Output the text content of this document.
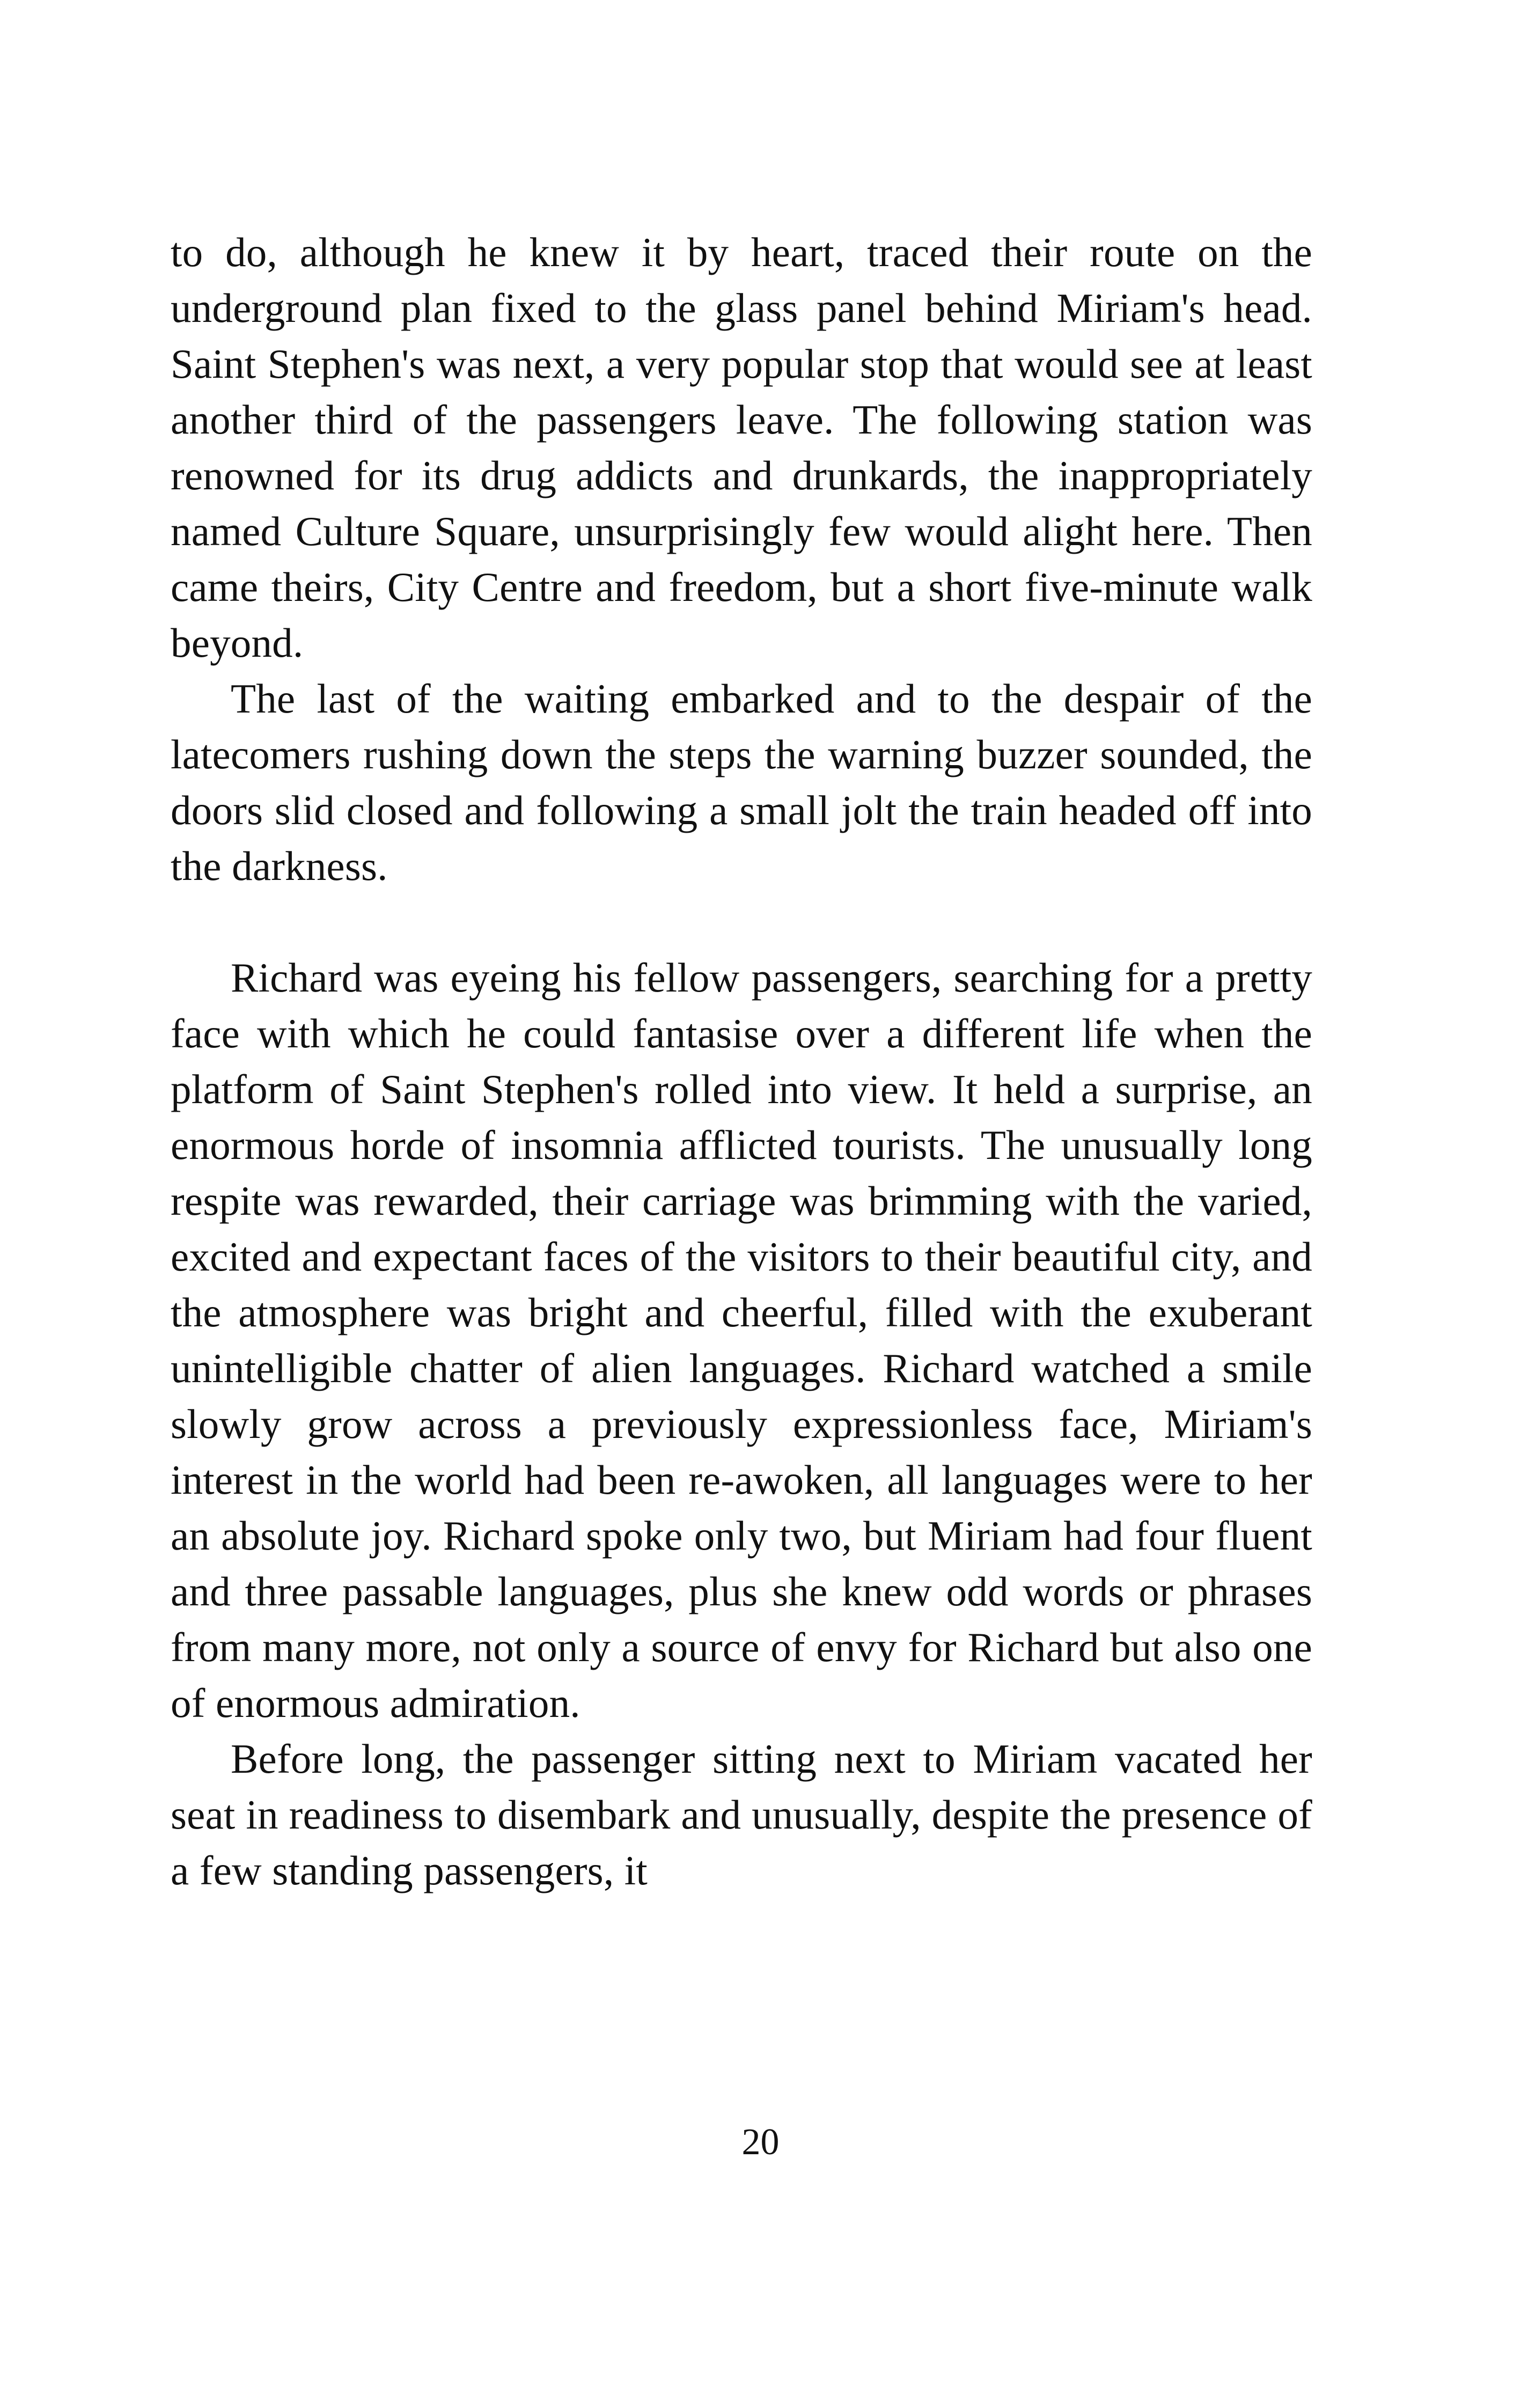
to do, although he knew it by heart, traced their route on the underground plan fixed to the glass panel behind Miriam's head. Saint Stephen's was next, a very popular stop that would see at least another third of the passengers leave. The following station was renowned for its drug addicts and drunkards, the inappropriately named Culture Square, unsurprisingly few would alight here. Then came theirs, City Centre and freedom, but a short five-minute walk beyond.

The last of the waiting embarked and to the despair of the latecomers rushing down the steps the warning buzzer sounded, the doors slid closed and following a small jolt the train headed off into the darkness.

Richard was eyeing his fellow passengers, searching for a pretty face with which he could fantasise over a different life when the platform of Saint Stephen's rolled into view. It held a surprise, an enormous horde of insomnia afflicted tourists. The unusually long respite was rewarded, their carriage was brimming with the varied, excited and expectant faces of the visitors to their beautiful city, and the atmosphere was bright and cheerful, filled with the exuberant unintelligible chatter of alien languages. Richard watched a smile slowly grow across a previously expressionless face, Miriam's interest in the world had been re-awoken, all languages were to her an absolute joy. Richard spoke only two, but Miriam had four fluent and three passable languages, plus she knew odd words or phrases from many more, not only a source of envy for Richard but also one of enormous admiration.

Before long, the passenger sitting next to Miriam vacated her seat in readiness to disembark and unusually, despite the presence of a few standing passengers, it

20
